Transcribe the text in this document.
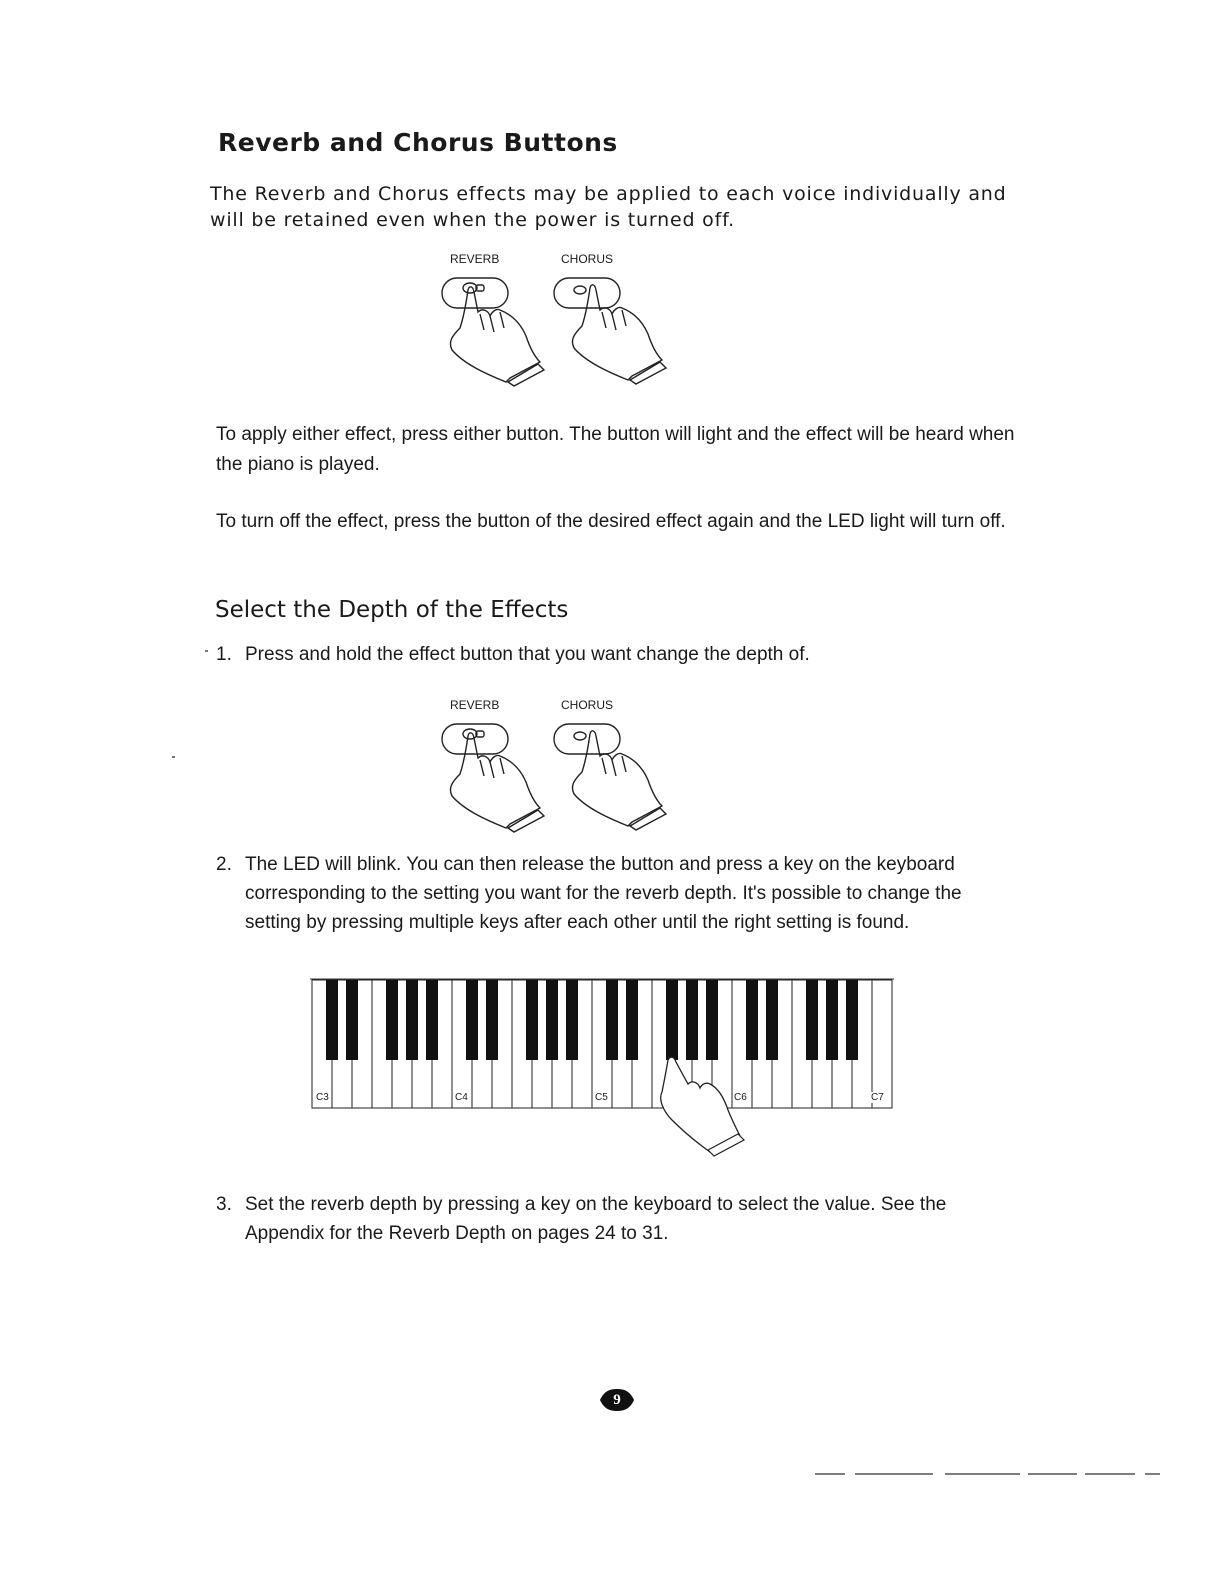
Reverb and Chorus Buttons

The Reverb and Chorus effects may be applied to each voice individually and will be retained even when the power is turned off.

REVERB	CHORUS

To apply either effect, press either button. The button will light and the effect will be heard when the piano is played.

To turn off the effect, press the button of the desired effect again and the LED light will turn off.

Select the Depth of the Effects
1. Press and hold the effect button that you want change the depth of.
REVERB	CHORUS
2. The LED will blink. You can then release the button and press a key on the keyboard corresponding to the setting you want for the reverb depth. It's possible to change the setting by pressing multiple keys after each other until the right setting is found.
C3	C4	C5	C6	C7
3. Set the reverb depth by pressing a key on the keyboard to select the value. See the Appendix for the Reverb Depth on pages 24 to 31.
9
